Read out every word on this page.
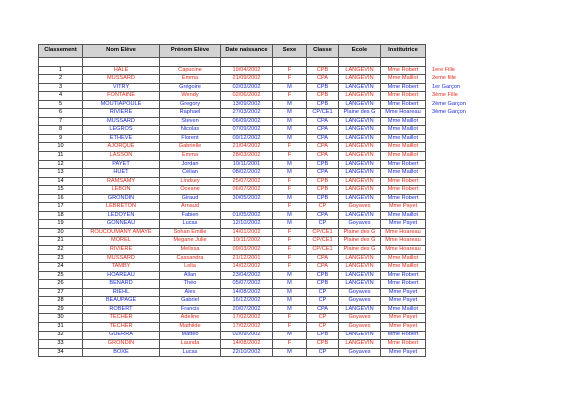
Classement	Nom Elève	Prénom Elève	Date naissance	Sexe	Classe	Ecole	Institutrice	

1	HALE	Capucine	19/04/2002	F	CPB	LANGEVIN	Mme Robert	1ere Fille
2	MUSSARD	Emma	21/09/2002	F	CPA	LANGEVIN	Mme Maillot	2eme fille
3	VITRY	Grégoire	02/03/2002	M	CPB	LANGEVIN	Mme Robert	1er Garçon
4	FONTAINE	Wendy	02/06/2002	F	CPB	LANGEVIN	Mme Robert	3ème Fille
5	MOUTIAPOULE	Gregory	13/09/2002	M	CPB	LANGEVIN	Mme Robert	2ème Garçon
6	RIVIERE	Raphael	27/03/2002	M	CP/CE1	Plaine des G	Mme Hoareau	3ème Garçon
7	MUSSARD	Steven	06/09/2002	M	CPA	LANGEVIN	Mme Maillot	
8	LEGROS	Nicolas	07/09/2002	M	CPA	LANGEVIN	Mme Maillot	
9	ETHEVE	Florent	09/12/2002	M	CPA	LANGEVIN	Mme Maillot	
10	AJORQUE	Gabrielle	21/04/2002	F	CPA	LANGEVIN	Mme Maillot	
11	LASSON	Emma	28/03/2002	F	CPA	LANGEVIN	Mme Maillot	
12	PAYET	Jordan	10/11/2001	M	CPB	LANGEVIN	Mme Robert	
13	HUET	Célian	08/02/2002	M	CPA	LANGEVIN	Mme Maillot	
14	RAMSAMY	Lindsey	25/07/2002	F	CPB	LANGEVIN	Mme Robert	
15	LEBON	Oceane	06/07/2002	F	CPB	LANGEVIN	Mme Robert	
16	GRONDIN	Giraud	30/05/2002	M	CPB	LANGEVIN	Mme Robert	
17	LEBRETON	Arnaud		F	CP	Goyaves	Mme Payet	
18	LEDOYEN	Fabien	01/05/2002	M	CPA	LANGEVIN	Mme Maillot	
19	GONNEAU	Lucas	12/10/2002	M	CP	Goyaves	Mme Payet	
20	ROUCOUMANY AMAYE	Sohan Emilie	14/01/2002	F	CP/CE1	Plaine des G	Mme Hoareau	
21	MOREL	Megane Julie	10/11/2002	F	CP/CE1	Plaine des G	Mme Hoareau	
22	RIVIERE	Melissa	09/03/2002	F	CP/CE1	Plaine des G	Mme Hoareau	
23	MUSSARD	Cassandra	21/12/2001	F	CPA	LANGEVIN	Mme Maillot	
24	TAMBY	Lelia	14/02/2002	F	CPA	LANGEVIN	Mme Maillot	
25	HOAREAU	Allan	23/04/2002	M	CPB	LANGEVIN	Mme Robert	
26	BENARD	Théo	05/07/2002	M	CPB	LANGEVIN	Mme Robert	
27	RIEHL	Alex	14/08/2002	M	CP	Goyaves	Mme Payet	
28	BEAUPAGE	Gabriel	16/12/2002	M	CP	Goyaves	Mme Payet	
29	ROBERT	Francis	20/07/2002	M	CPA	LANGEVIN	Mme Maillot	
30	TECHER	Adeline	17/02/2002	F	CP	Goyaves	Mme Payet	
31	TECHER	Mathilde	17/02/2002	F	CP	Goyaves	Mme Payet	
32	GUERRA	Matteo	02/09/2002	M	CPB	LANGEVIN	Mme Robert	
33	GRONDIN	Launda	14/08/2002	F	CPB	LANGEVIN	Mme Robert	
34	BOXE	Lucas	22/10/2002	M	CP	Goyaves	Mme Payet	
